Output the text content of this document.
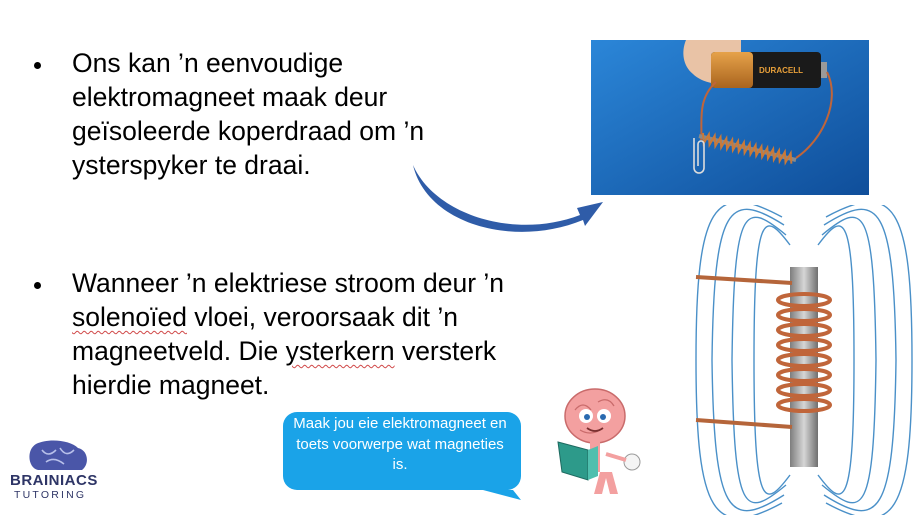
Ons kan ’n eenvoudige
elektromagneet maak deur
geïsoleerde koperdraad om ’n
ysterspyker te draai.
Wanneer ’n elektriese stroom deur ’n
solenoïed vloei, veroorsaak dit ’n
magneetveld. Die ysterkern versterk
hierdie magneet.
DURACELL
Maak jou eie elektromagneet en toets voorwerpe wat magneties is.
BRAINIACS
TUTORING
